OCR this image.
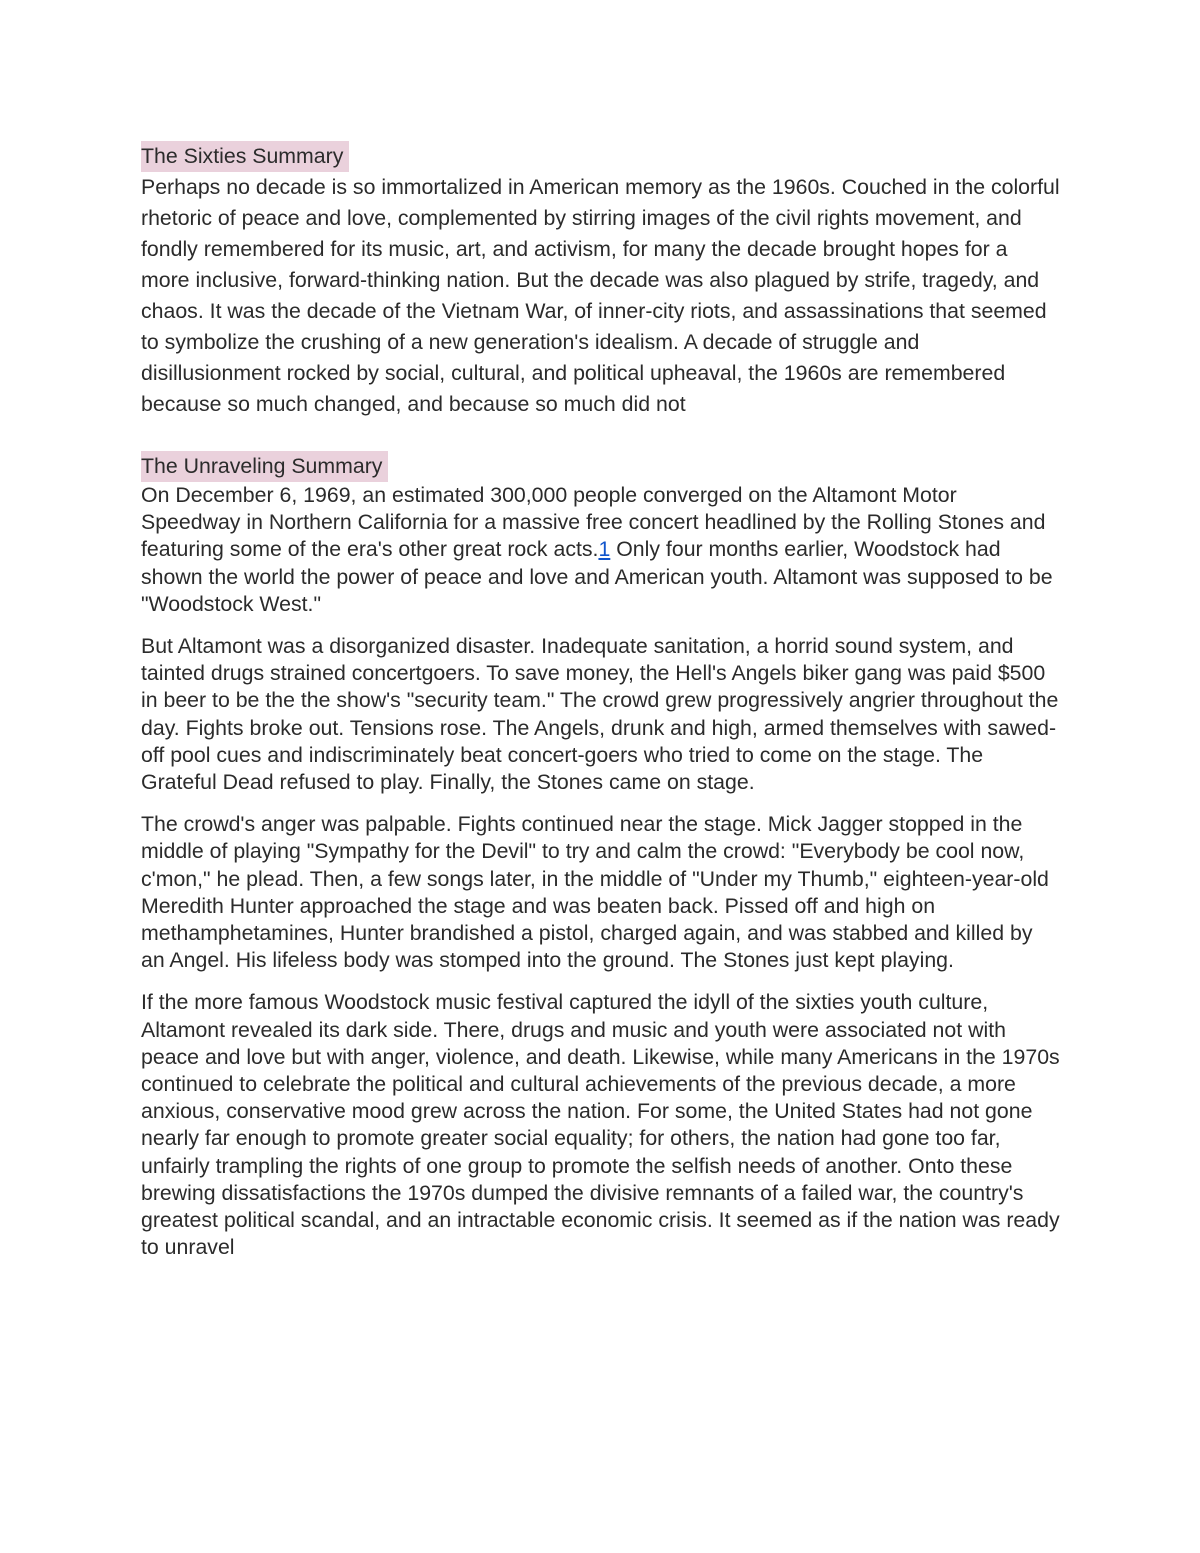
The Sixties Summary

Perhaps no decade is so immortalized in American memory as the 1960s. Couched in the colorful rhetoric of peace and love, complemented by stirring images of the civil rights movement, and fondly remembered for its music, art, and activism, for many the decade brought hopes for a more inclusive, forward-thinking nation. But the decade was also plagued by strife, tragedy, and chaos. It was the decade of the Vietnam War, of inner-city riots, and assassinations that seemed to symbolize the crushing of a new generation's idealism. A decade of struggle and disillusionment rocked by social, cultural, and political upheaval, the 1960s are remembered because so much changed, and because so much did not

The Unraveling Summary

On December 6, 1969, an estimated 300,000 people converged on the Altamont Motor Speedway in Northern California for a massive free concert headlined by the Rolling Stones and featuring some of the era's other great rock acts.1 Only four months earlier, Woodstock had shown the world the power of peace and love and American youth. Altamont was supposed to be "Woodstock West."

But Altamont was a disorganized disaster. Inadequate sanitation, a horrid sound system, and tainted drugs strained concertgoers. To save money, the Hell's Angels biker gang was paid $500 in beer to be the the show's "security team." The crowd grew progressively angrier throughout the day. Fights broke out. Tensions rose. The Angels, drunk and high, armed themselves with sawed-off pool cues and indiscriminately beat concert-goers who tried to come on the stage. The Grateful Dead refused to play. Finally, the Stones came on stage.

The crowd's anger was palpable. Fights continued near the stage. Mick Jagger stopped in the middle of playing "Sympathy for the Devil" to try and calm the crowd: "Everybody be cool now, c'mon," he plead. Then, a few songs later, in the middle of "Under my Thumb," eighteen-year-old Meredith Hunter approached the stage and was beaten back. Pissed off and high on methamphetamines, Hunter brandished a pistol, charged again, and was stabbed and killed by an Angel. His lifeless body was stomped into the ground. The Stones just kept playing.

If the more famous Woodstock music festival captured the idyll of the sixties youth culture, Altamont revealed its dark side. There, drugs and music and youth were associated not with peace and love but with anger, violence, and death. Likewise, while many Americans in the 1970s continued to celebrate the political and cultural achievements of the previous decade, a more anxious, conservative mood grew across the nation. For some, the United States had not gone nearly far enough to promote greater social equality; for others, the nation had gone too far, unfairly trampling the rights of one group to promote the selfish needs of another. Onto these brewing dissatisfactions the 1970s dumped the divisive remnants of a failed war, the country's greatest political scandal, and an intractable economic crisis. It seemed as if the nation was ready to unravel
